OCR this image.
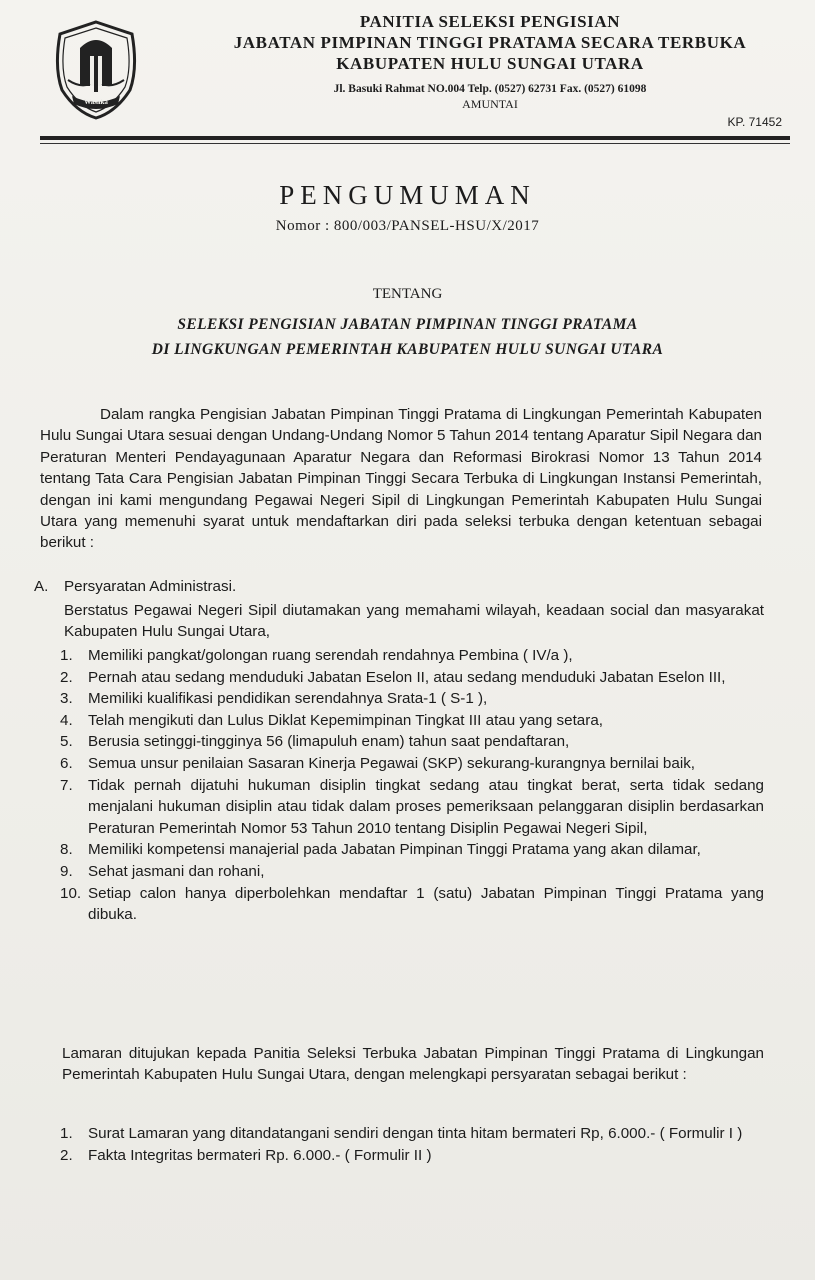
Wasaka
PANITIA SELEKSI PENGISIAN
JABATAN PIMPINAN TINGGI PRATAMA SECARA TERBUKA
KABUPATEN HULU SUNGAI UTARA
Jl. Basuki Rahmat NO.004 Telp. (0527) 62731 Fax. (0527) 61098
AMUNTAI
KP. 71452
PENGUMUMAN
Nomor : 800/003/PANSEL-HSU/X/2017
TENTANG
SELEKSI PENGISIAN JABATAN PIMPINAN TINGGI PRATAMA
DI LINGKUNGAN PEMERINTAH KABUPATEN HULU SUNGAI UTARA
Dalam rangka Pengisian Jabatan Pimpinan Tinggi Pratama di Lingkungan Pemerintah Kabupaten Hulu Sungai Utara sesuai dengan Undang-Undang Nomor 5 Tahun 2014 tentang Aparatur Sipil Negara dan Peraturan Menteri Pendayagunaan Aparatur Negara dan Reformasi Birokrasi Nomor 13 Tahun 2014 tentang Tata Cara Pengisian Jabatan Pimpinan Tinggi Secara Terbuka di Lingkungan Instansi Pemerintah, dengan ini kami mengundang Pegawai Negeri Sipil di Lingkungan Pemerintah Kabupaten Hulu Sungai Utara yang memenuhi syarat untuk mendaftarkan diri pada seleksi terbuka dengan ketentuan sebagai berikut :
A. Persyaratan Administrasi.
Berstatus Pegawai Negeri Sipil diutamakan yang memahami wilayah, keadaan social dan masyarakat Kabupaten Hulu Sungai Utara,
1. Memiliki pangkat/golongan ruang serendah rendahnya Pembina ( IV/a ),
2. Pernah atau sedang menduduki Jabatan Eselon II, atau sedang menduduki Jabatan Eselon III,
3. Memiliki kualifikasi pendidikan serendahnya Srata-1 ( S-1 ),
4. Telah mengikuti dan Lulus Diklat Kepemimpinan Tingkat III atau yang setara,
5. Berusia setinggi-tingginya 56 (limapuluh enam) tahun saat pendaftaran,
6. Semua unsur penilaian Sasaran Kinerja Pegawai (SKP) sekurang-kurangnya bernilai baik,
7. Tidak pernah dijatuhi hukuman disiplin tingkat sedang atau tingkat berat, serta tidak sedang menjalani hukuman disiplin atau tidak dalam proses pemeriksaan pelanggaran disiplin berdasarkan Peraturan Pemerintah Nomor 53 Tahun 2010 tentang Disiplin Pegawai Negeri Sipil,
8. Memiliki kompetensi manajerial pada Jabatan Pimpinan Tinggi Pratama yang akan dilamar,
9. Sehat jasmani dan rohani,
10. Setiap calon hanya diperbolehkan mendaftar 1 (satu) Jabatan Pimpinan Tinggi Pratama yang dibuka.
Lamaran ditujukan kepada Panitia Seleksi Terbuka Jabatan Pimpinan Tinggi Pratama di Lingkungan Pemerintah Kabupaten Hulu Sungai Utara, dengan melengkapi persyaratan sebagai berikut :
1. Surat Lamaran yang ditandatangani sendiri dengan tinta hitam bermateri Rp, 6.000.- ( Formulir I )
2. Fakta Integritas bermateri Rp. 6.000.- ( Formulir II )
